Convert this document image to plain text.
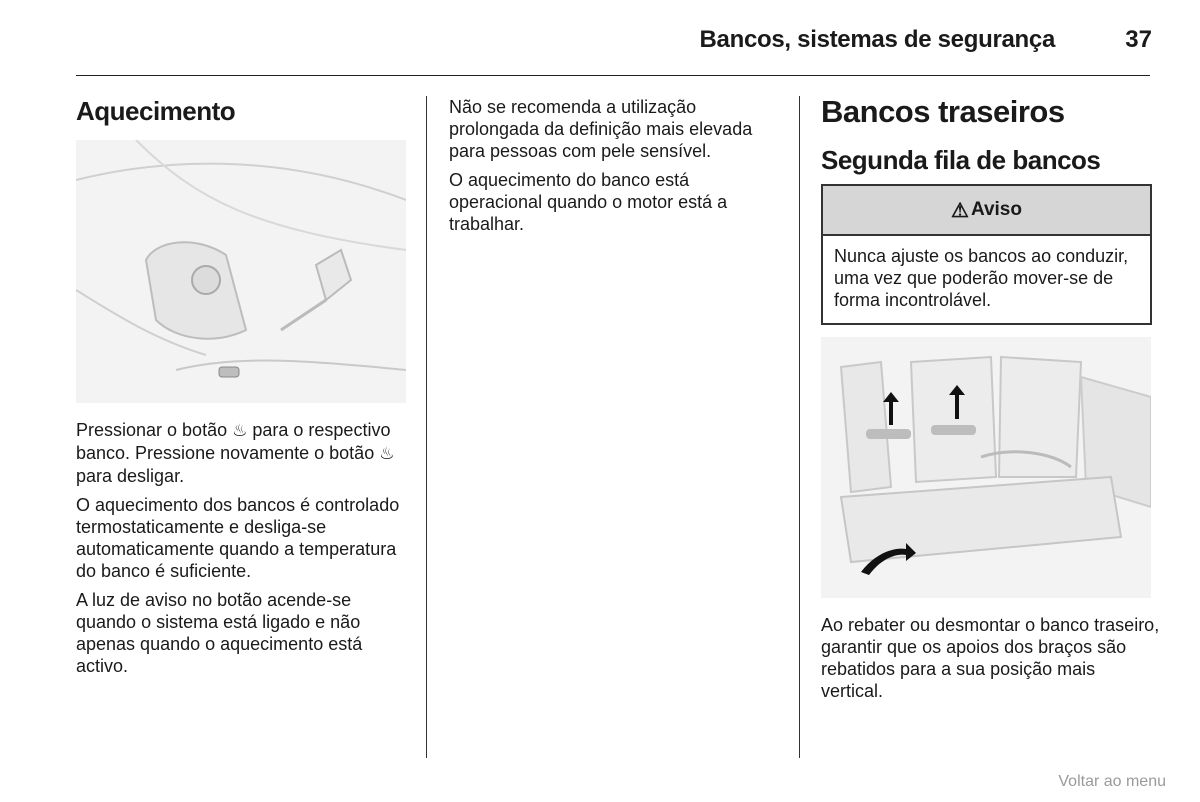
Bancos, sistemas de segurança	37
Aquecimento

Pressionar o botão ♨ para o respectivo banco. Pressione novamente o botão ♨ para desligar.

O aquecimento dos bancos é controlado termostaticamente e desliga-se automaticamente quando a temperatura do banco é suficiente.

A luz de aviso no botão acende-se quando o sistema está ligado e não apenas quando o aquecimento está activo.

Não se recomenda a utilização prolongada da definição mais elevada para pessoas com pele sensível.

O aquecimento do banco está operacional quando o motor está a trabalhar.

Bancos traseiros
Segunda fila de bancos
⚠ Aviso
Nunca ajuste os bancos ao conduzir, uma vez que poderão mover-se de forma incontrolável.

Ao rebater ou desmontar o banco traseiro, garantir que os apoios dos braços são rebatidos para a sua posição mais vertical.

Voltar ao menu
